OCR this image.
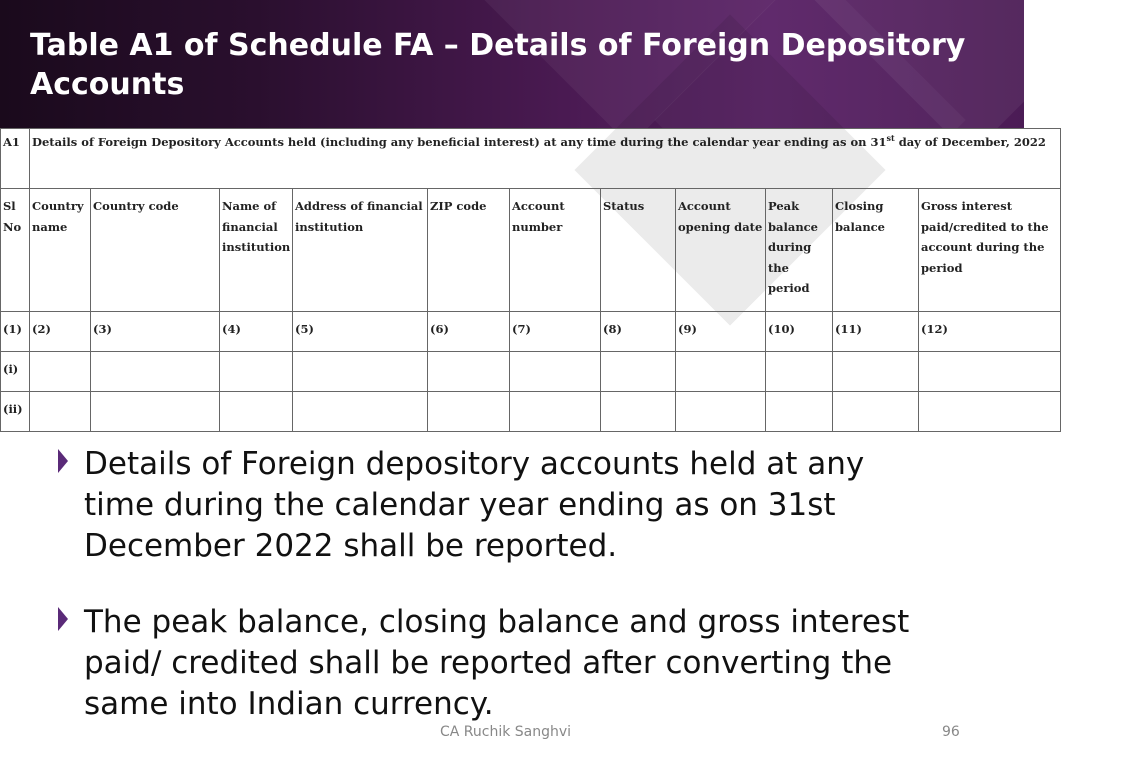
Table A1 of Schedule FA – Details of Foreign Depository Accounts
A1	Details of Foreign Depository Accounts held (including any beneficial interest) at any time during the calendar year ending as on 31st day of December, 2022										
Sl No	Country name	Country code	Name of financial institution	Address of financial institution	ZIP code	Account number	Status	Account opening date	Peak balance during the period	Closing balance	Gross interest paid/credited to the account during the period
(1)	(2)	(3)	(4)	(5)	(6)	(7)	(8)	(9)	(10)	(11)	(12)
(i)											
(ii)											
Details of Foreign depository accounts held at any time during the calendar year ending as on 31st December 2022 shall be reported.
The peak balance, closing balance and gross interest paid/ credited shall be reported after converting the same into Indian currency.
CA Ruchik Sanghvi	96
